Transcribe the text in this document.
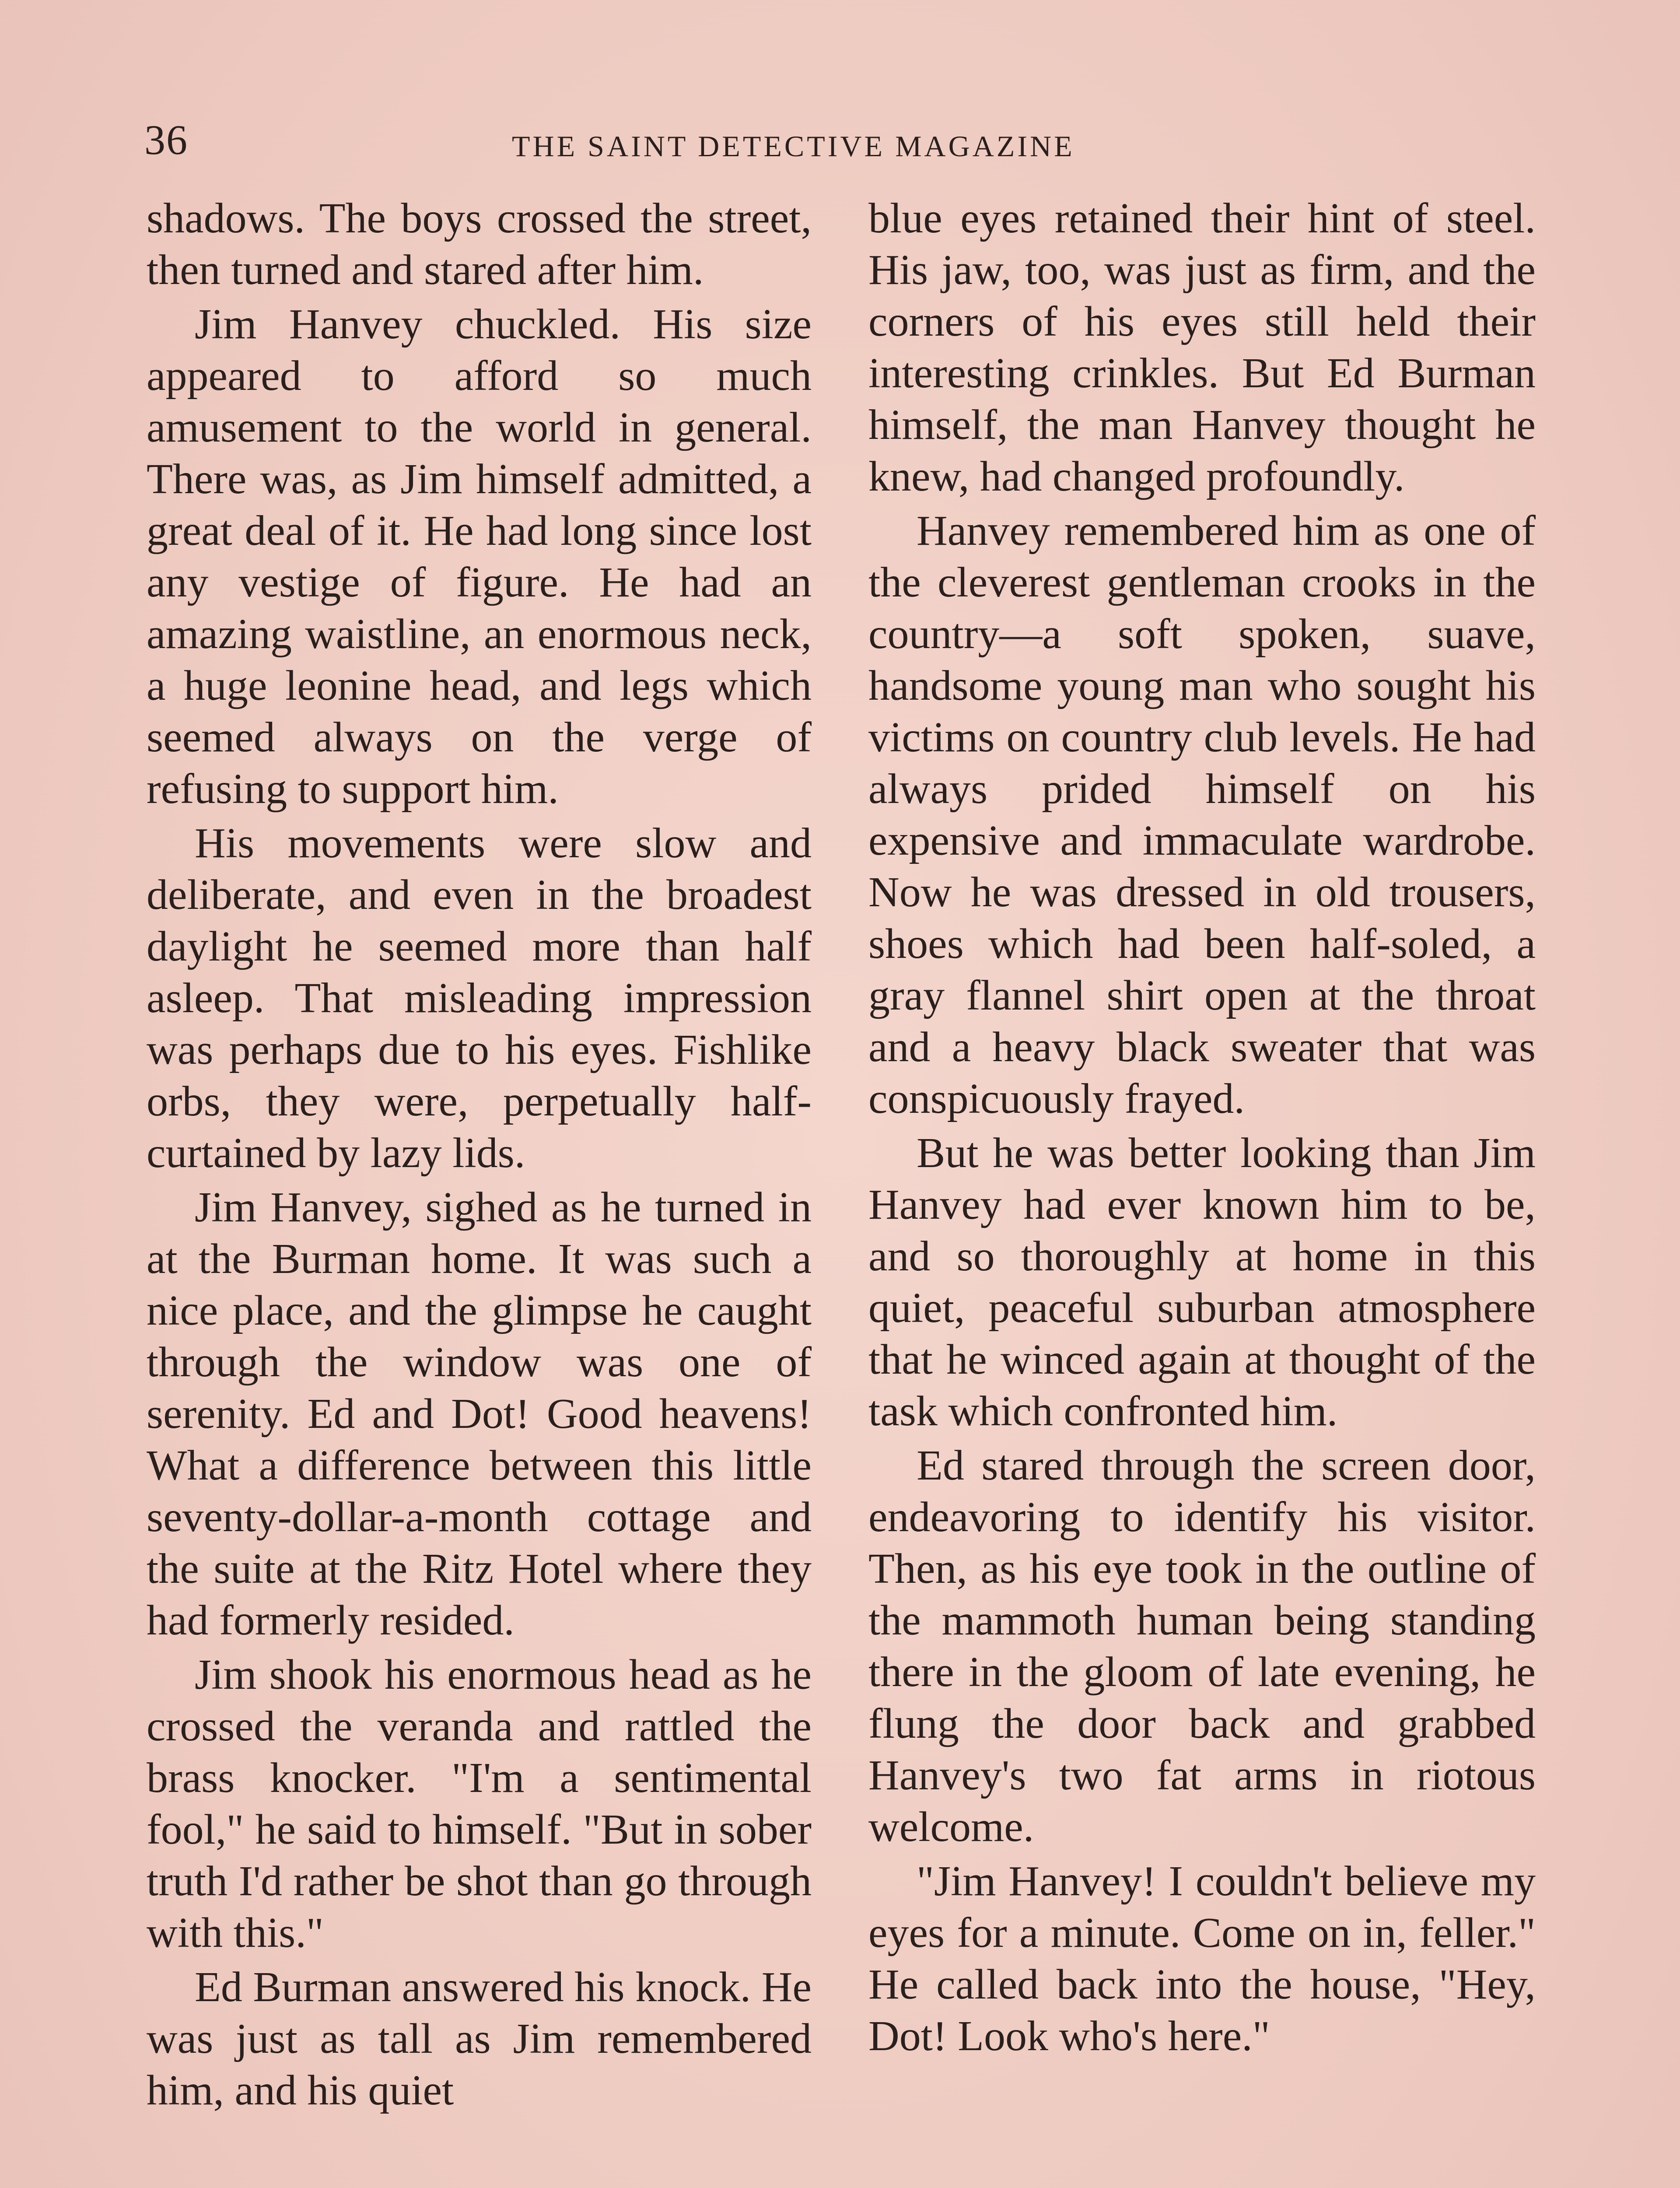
36	THE SAINT DETECTIVE MAGAZINE

shadows. The boys crossed the street, then turned and stared after him.

Jim Hanvey chuckled. His size appeared to afford so much amusement to the world in general. There was, as Jim himself admitted, a great deal of it. He had long since lost any vestige of figure. He had an amazing waistline, an enormous neck, a huge leonine head, and legs which seemed always on the verge of refusing to support him.

His movements were slow and deliberate, and even in the broadest daylight he seemed more than half asleep. That misleading impression was perhaps due to his eyes. Fishlike orbs, they were, perpetually half-curtained by lazy lids.

Jim Hanvey, sighed as he turned in at the Burman home. It was such a nice place, and the glimpse he caught through the window was one of serenity. Ed and Dot! Good heavens! What a difference between this little seventy-dollar-a-month cottage and the suite at the Ritz Hotel where they had formerly resided.

Jim shook his enormous head as he crossed the veranda and rattled the brass knocker. "I'm a sentimental fool," he said to himself. "But in sober truth I'd rather be shot than go through with this."

Ed Burman answered his knock. He was just as tall as Jim remembered him, and his quiet

blue eyes retained their hint of steel. His jaw, too, was just as firm, and the corners of his eyes still held their interesting crinkles. But Ed Burman himself, the man Hanvey thought he knew, had changed profoundly.

Hanvey remembered him as one of the cleverest gentleman crooks in the country—a soft spoken, suave, handsome young man who sought his victims on country club levels. He had always prided himself on his expensive and immaculate wardrobe. Now he was dressed in old trousers, shoes which had been half-soled, a gray flannel shirt open at the throat and a heavy black sweater that was conspicuously frayed.

But he was better looking than Jim Hanvey had ever known him to be, and so thoroughly at home in this quiet, peaceful suburban atmosphere that he winced again at thought of the task which confronted him.

Ed stared through the screen door, endeavoring to identify his visitor. Then, as his eye took in the outline of the mammoth human being standing there in the gloom of late evening, he flung the door back and grabbed Hanvey's two fat arms in riotous welcome.

"Jim Hanvey! I couldn't believe my eyes for a minute. Come on in, feller." He called back into the house, "Hey, Dot! Look who's here."
